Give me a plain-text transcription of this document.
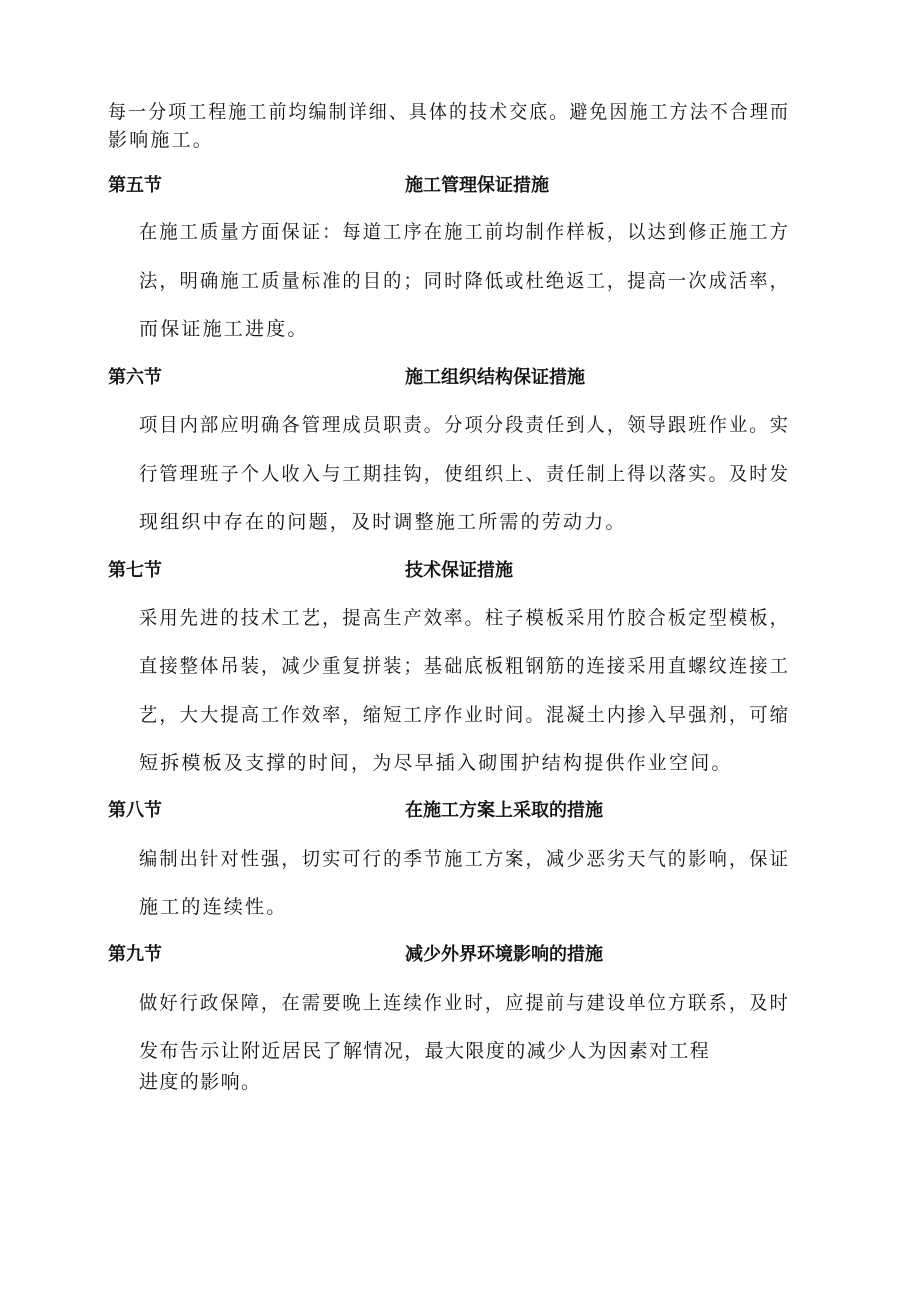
每一分项工程施工前均编制详细、具体的技术交底。避免因施工方法不合理而
影响施工。
第五节	施工管理保证措施
在施工质量方面保证：每道工序在施工前均制作样板，以达到修正施工方
法，明确施工质量标准的目的；同时降低或杜绝返工，提高一次成活率，
而保证施工进度。
第六节	施工组织结构保证措施
项目内部应明确各管理成员职责。分项分段责任到人，领导跟班作业。实
行管理班子个人收入与工期挂钩，使组织上、责任制上得以落实。及时发
现组织中存在的问题，及时调整施工所需的劳动力。
第七节	技术保证措施
采用先进的技术工艺，提高生产效率。柱子模板采用竹胶合板定型模板，
直接整体吊装，减少重复拼装；基础底板粗钢筋的连接采用直螺纹连接工
艺，大大提高工作效率，缩短工序作业时间。混凝土内掺入早强剂，可缩
短拆模板及支撑的时间，为尽早插入砌围护结构提供作业空间。
第八节	在施工方案上采取的措施
编制出针对性强，切实可行的季节施工方案，减少恶劣天气的影响，保证
施工的连续性。
第九节	减少外界环境影响的措施
做好行政保障，在需要晚上连续作业时，应提前与建设单位方联系，及时
发布告示让附近居民了解情况，最大限度的减少人为因素对工程
进度的影响。
